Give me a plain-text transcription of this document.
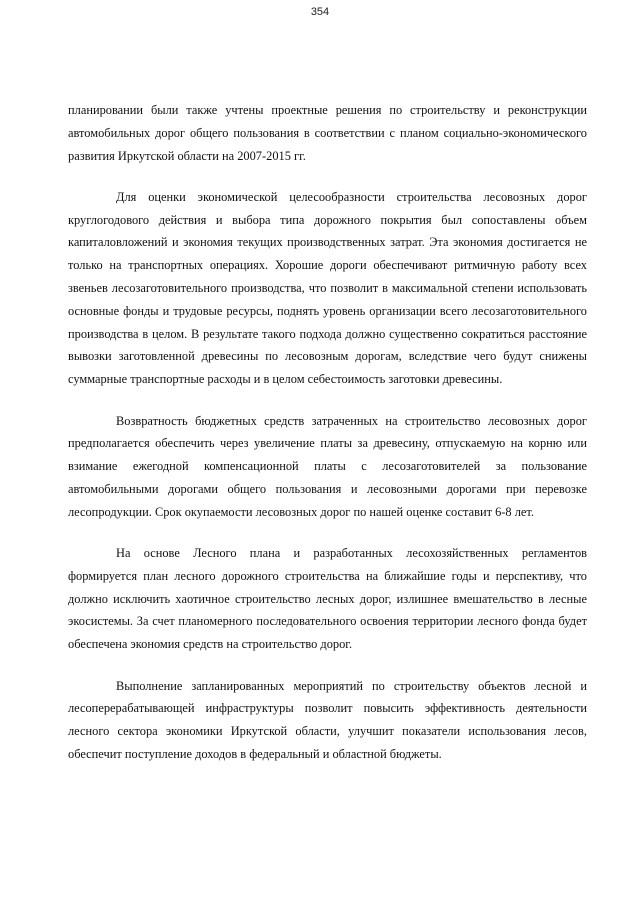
354

планировании были также учтены проектные решения по строительству и реконструкции автомобильных дорог общего пользования в соответствии с планом социально-экономического развития Иркутской области на 2007-2015 гг.

Для оценки экономической целесообразности строительства лесовозных дорог круглогодового действия и выбора типа дорожного покрытия был сопоставлены объем капиталовложений и экономия текущих производственных затрат. Эта экономия достигается не только на транспортных операциях. Хорошие дороги обеспечивают ритмичную работу всех звеньев лесозаготовительного производства, что позволит в максимальной степени использовать основные фонды и трудовые ресурсы, поднять уровень организации всего лесозаготовительного производства в целом. В результате такого подхода должно существенно сократиться расстояние вывозки заготовленной древесины по лесовозным дорогам, вследствие чего будут снижены суммарные транспортные расходы и в целом себестоимость заготовки древесины.

Возвратность бюджетных средств затраченных на строительство лесовозных дорог предполагается обеспечить через увеличение платы за древесину, отпускаемую на корню или взимание ежегодной компенсационной платы с лесозаготовителей за пользование автомобильными дорогами общего пользования и лесовозными дорогами при перевозке лесопродукции. Срок окупаемости лесовозных дорог по нашей оценке составит 6-8 лет.

На основе Лесного плана и разработанных лесохозяйственных регламентов формируется план лесного дорожного строительства на ближайшие годы и перспективу, что должно исключить хаотичное строительство лесных дорог, излишнее вмешательство в лесные экосистемы. За счет планомерного последовательного освоения территории лесного фонда будет обеспечена экономия средств на строительство дорог.

Выполнение запланированных мероприятий по строительству объектов лесной и лесоперерабатывающей инфраструктуры позволит повысить эффективность деятельности лесного сектора экономики Иркутской области, улучшит показатели использования лесов, обеспечит поступление доходов в федеральный и областной бюджеты.
